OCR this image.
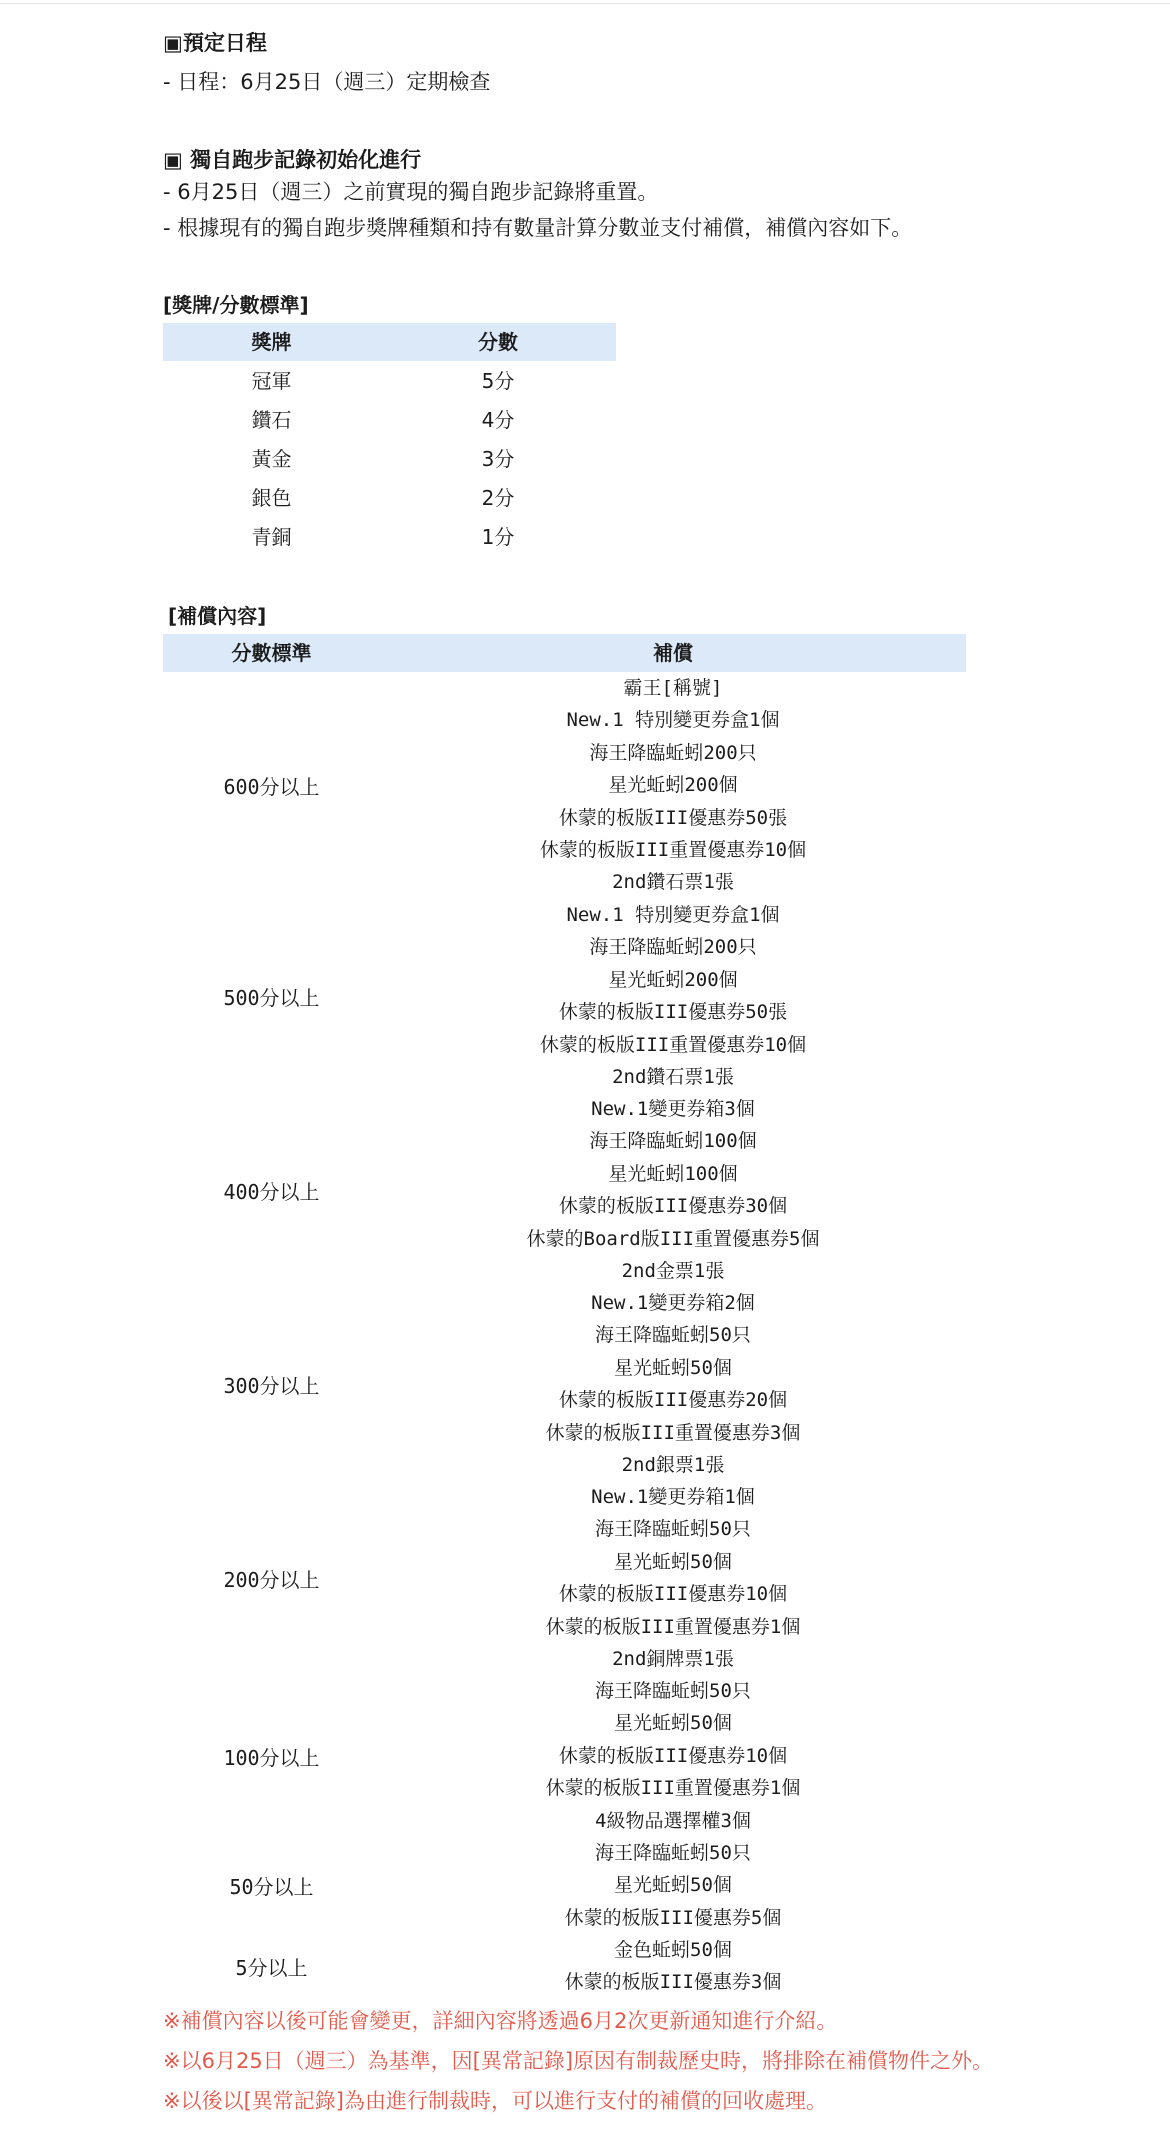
▣預定日程
- 日程：6月25日（週三）定期檢查
▣ 獨自跑步記錄初始化進行
- 6月25日（週三）之前實現的獨自跑步記錄將重置。
- 根據現有的獨自跑步獎牌種類和持有數量計算分數並支付補償，補償內容如下。
[獎牌/分數標準]
獎牌	分數
冠軍	5分
鑽石	4分
黃金	3分
銀色	2分
青銅	1分
[補償內容]
分數標準	補償
600分以上
霸王[稱號]
New.1 特別變更券盒1個
海王降臨蚯蚓200只
星光蚯蚓200個
休蒙的板版III優惠券50張
休蒙的板版III重置優惠券10個
2nd鑽石票1張
500分以上
New.1 特別變更券盒1個
海王降臨蚯蚓200只
星光蚯蚓200個
休蒙的板版III優惠券50張
休蒙的板版III重置優惠券10個
2nd鑽石票1張
400分以上
New.1變更券箱3個
海王降臨蚯蚓100個
星光蚯蚓100個
休蒙的板版III優惠券30個
休蒙的Board版III重置優惠券5個
2nd金票1張
300分以上
New.1變更券箱2個
海王降臨蚯蚓50只
星光蚯蚓50個
休蒙的板版III優惠券20個
休蒙的板版III重置優惠券3個
2nd銀票1張
200分以上
New.1變更券箱1個
海王降臨蚯蚓50只
星光蚯蚓50個
休蒙的板版III優惠券10個
休蒙的板版III重置優惠券1個
2nd銅牌票1張
100分以上
海王降臨蚯蚓50只
星光蚯蚓50個
休蒙的板版III優惠券10個
休蒙的板版III重置優惠券1個
4級物品選擇權3個
50分以上
海王降臨蚯蚓50只
星光蚯蚓50個
休蒙的板版III優惠券5個
5分以上
金色蚯蚓50個
休蒙的板版III優惠券3個
※補償內容以後可能會變更，詳細內容將透過6月2次更新通知進行介紹。
※以6月25日（週三）為基準，因[異常記錄]原因有制裁歷史時，將排除在補償物件之外。
※以後以[異常記錄]為由進行制裁時，可以進行支付的補償的回收處理。
